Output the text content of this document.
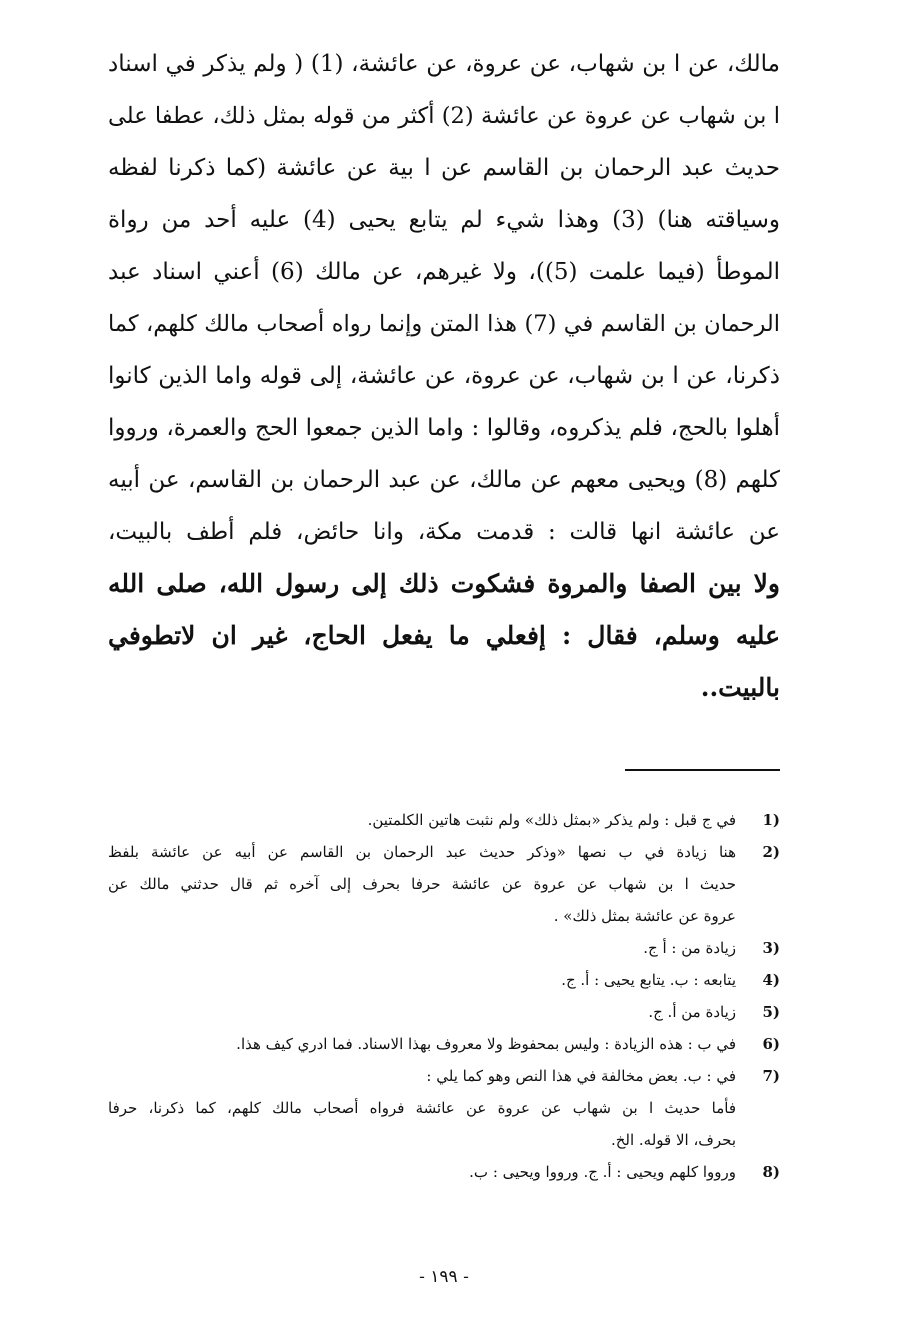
مالك، عن ا بن شهاب، عن عروة، عن عائشة، (1) ( ولم يذكر في اسناد
ا بن شهاب عن عروة عن عائشة (2) أكثر من قوله بمثل ذلك، عطفا على
حديث عبد الرحمان بن القاسم عن ا بية عن عائشة (كما ذكرنا لفظه
وسياقته هنا) (3) وهذا شيء لم يتابع يحيى (4) عليه أحد من رواة
الموطأ (فيما علمت (5))، ولا غيرهم، عن مالك (6) أعني اسناد عبد
الرحمان بن القاسم في (7) هذا المتن وإنما رواه أصحاب مالك كلهم، كما
ذكرنا، عن ا بن شهاب، عن عروة، عن عائشة، إلى قوله واما الذين كانوا
أهلوا بالحج، فلم يذكروه، وقالوا : واما الذين جمعوا الحج والعمرة، ورووا
كلهم (8) ويحيى معهم عن مالك، عن عبد الرحمان بن القاسم، عن أبيه
عن عائشة انها قالت : قدمت مكة، وانا حائض، فلم أطف بالبيت،
ولا بين الصفا والمروة فشكوت ذلك إلى رسول الله، صلى الله
عليه وسلم، فقال : إفعلي ما يفعل الحاج، غير ان لاتطوفي
بالبيت..
1)
في ج قبل : ولم يذكر «بمثل ذلك» ولم نثبت هاتين الكلمتين.
2)
هنا زيادة في ب نصها «وذكر حديث عبد الرحمان بن القاسم عن أبيه عن عائشة بلفظ
حديث ا بن شهاب عن عروة عن عائشة حرفا بحرف إلى آخره ثم قال حدثني مالك عن
عروة عن عائشة بمثل ذلك» .
3)
زيادة من : أ ج.
4)
يتابعه : ب. يتابع يحيى : أ. ج.
5)
زيادة من أ. ج.
6)
في ب : هذه الزيادة : وليس بمحفوظ ولا معروف بهذا الاسناد. فما ادري كيف هذا.
7)
في : ب. بعض مخالفة في هذا النص وهو كما يلي :
فأما حديث ا بن شهاب عن عروة عن عائشة فرواه أصحاب مالك كلهم، كما ذكرنا، حرفا
بحرف، الا قوله. الخ.
8)
ورووا كلهم ويحيى : أ. ج. ورووا ويحيى : ب.
- ۱۹۹ -
